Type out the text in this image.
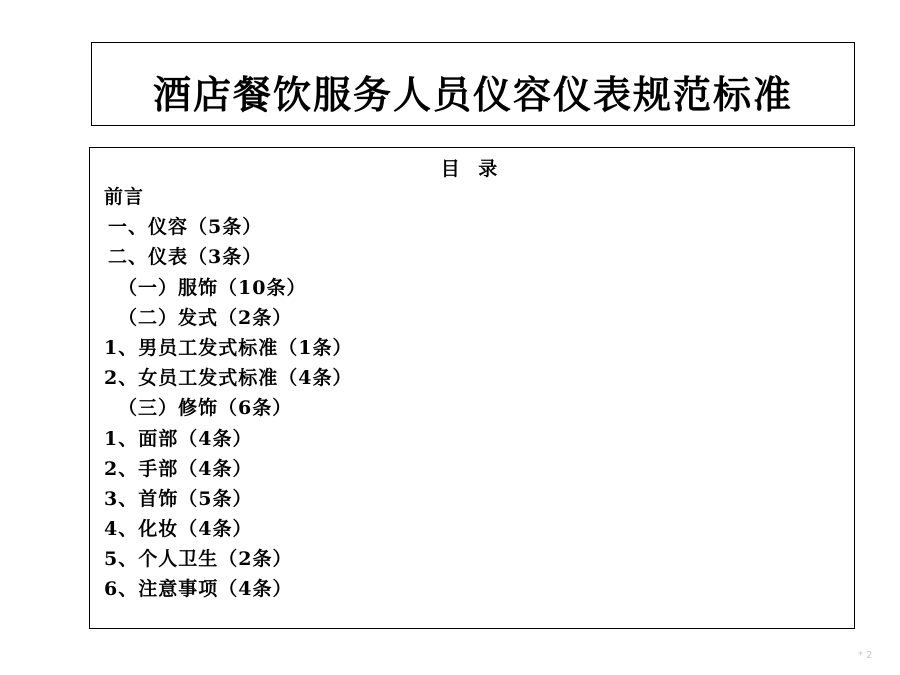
酒店餐饮服务人员仪容仪表规范标准
目 录
前言
一、仪容（5条）
二、仪表（3条）
（一）服饰（10条）
（二）发式（2条）
1、男员工发式标准（1条）
2、女员工发式标准（4条）
（三）修饰（6条）
1、面部（4条）
2、手部（4条）
3、首饰（5条）
4、化妆（4条）
5、个人卫生（2条）
6、注意事项（4条）
* 2
